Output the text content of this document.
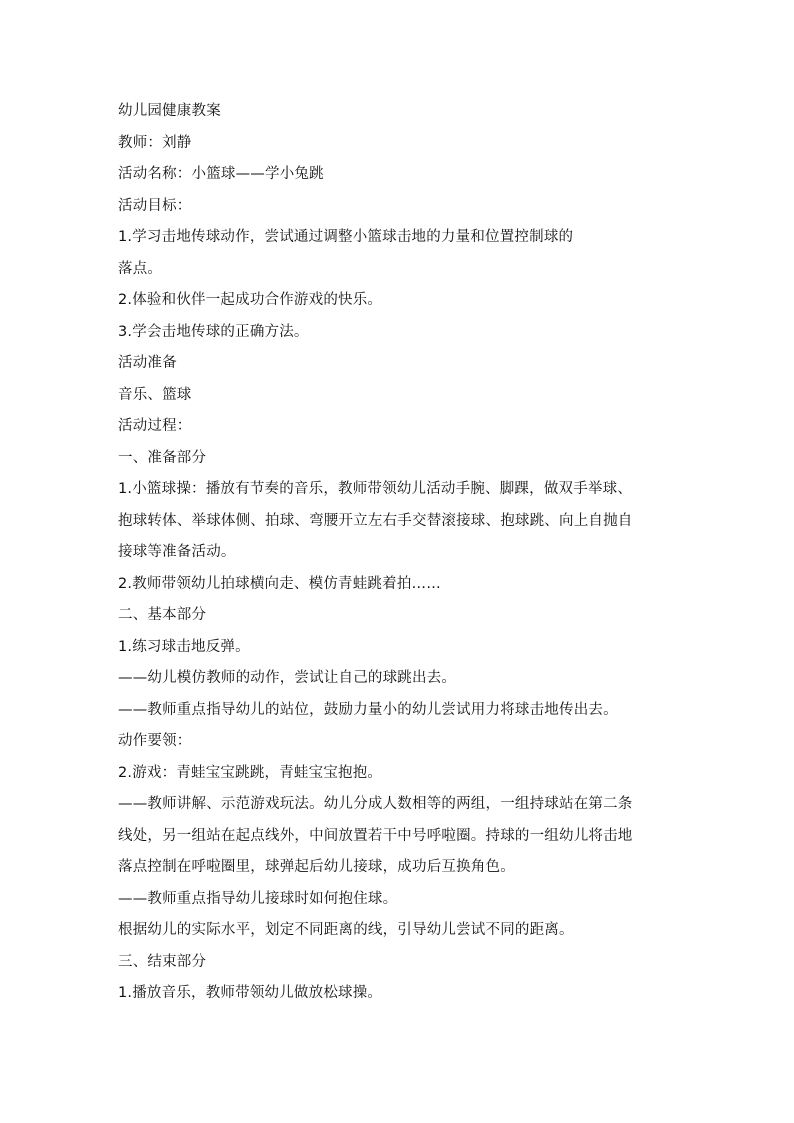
幼儿园健康教案
教师：刘静
活动名称：小篮球——学小兔跳
活动目标：
1.学习击地传球动作，尝试通过调整小篮球击地的力量和位置控制球的
落点。
2.体验和伙伴一起成功合作游戏的快乐。
3.学会击地传球的正确方法。
活动准备
音乐、篮球
活动过程：
一、准备部分
1.小篮球操：播放有节奏的音乐，教师带领幼儿活动手腕、脚踝，做双手举球、
抱球转体、举球体侧、拍球、弯腰开立左右手交替滚接球、抱球跳、向上自抛自
接球等准备活动。
2.教师带领幼儿拍球横向走、模仿青蛙跳着拍……
二、基本部分
1.练习球击地反弹。
——幼儿模仿教师的动作，尝试让自己的球跳出去。
——教师重点指导幼儿的站位，鼓励力量小的幼儿尝试用力将球击地传出去。
动作要领：
2.游戏：青蛙宝宝跳跳，青蛙宝宝抱抱。
——教师讲解、示范游戏玩法。幼儿分成人数相等的两组，一组持球站在第二条
线处，另一组站在起点线外，中间放置若干中号呼啦圈。持球的一组幼儿将击地
落点控制在呼啦圈里，球弹起后幼儿接球，成功后互换角色。
——教师重点指导幼儿接球时如何抱住球。
根据幼儿的实际水平，划定不同距离的线，引导幼儿尝试不同的距离。
三、结束部分
1.播放音乐，教师带领幼儿做放松球操。
